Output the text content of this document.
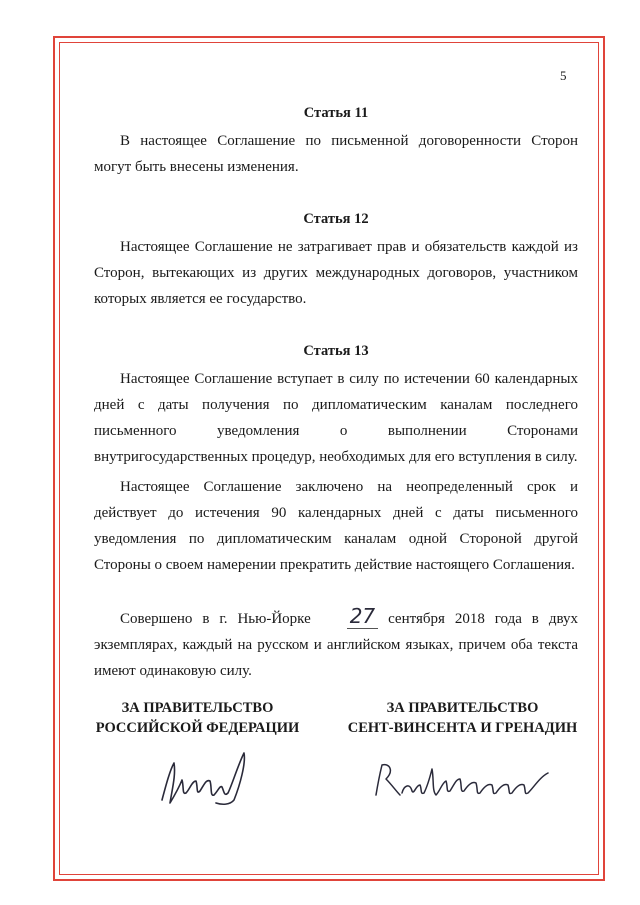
5
Статья 11

В настоящее Соглашение по письменной договоренности Сторон могут быть внесены изменения.

Статья 12

Настоящее Соглашение не затрагивает прав и обязательств каждой из Сторон, вытекающих из других международных договоров, участником которых является ее государство.

Статья 13

Настоящее Соглашение вступает в силу по истечении 60 календарных дней с даты получения по дипломатическим каналам последнего письменного уведомления о выполнении Сторонами внутригосударственных процедур, необходимых для его вступления в силу.

Настоящее Соглашение заключено на неопределенный срок и действует до истечения 90 календарных дней с даты письменного уведомления по дипломатическим каналам одной Стороной другой Стороны о своем намерении прекратить действие настоящего Соглашения.

Совершено в г. Нью-Йорке 27 сентября 2018 года в двух экземплярах, каждый на русском и английском языках, причем оба текста имеют одинаковую силу.

ЗА ПРАВИТЕЛЬСТВО
РОССИЙСКОЙ ФЕДЕРАЦИИ
ЗА ПРАВИТЕЛЬСТВО
СЕНТ-ВИНСЕНТА И ГРЕНАДИН
